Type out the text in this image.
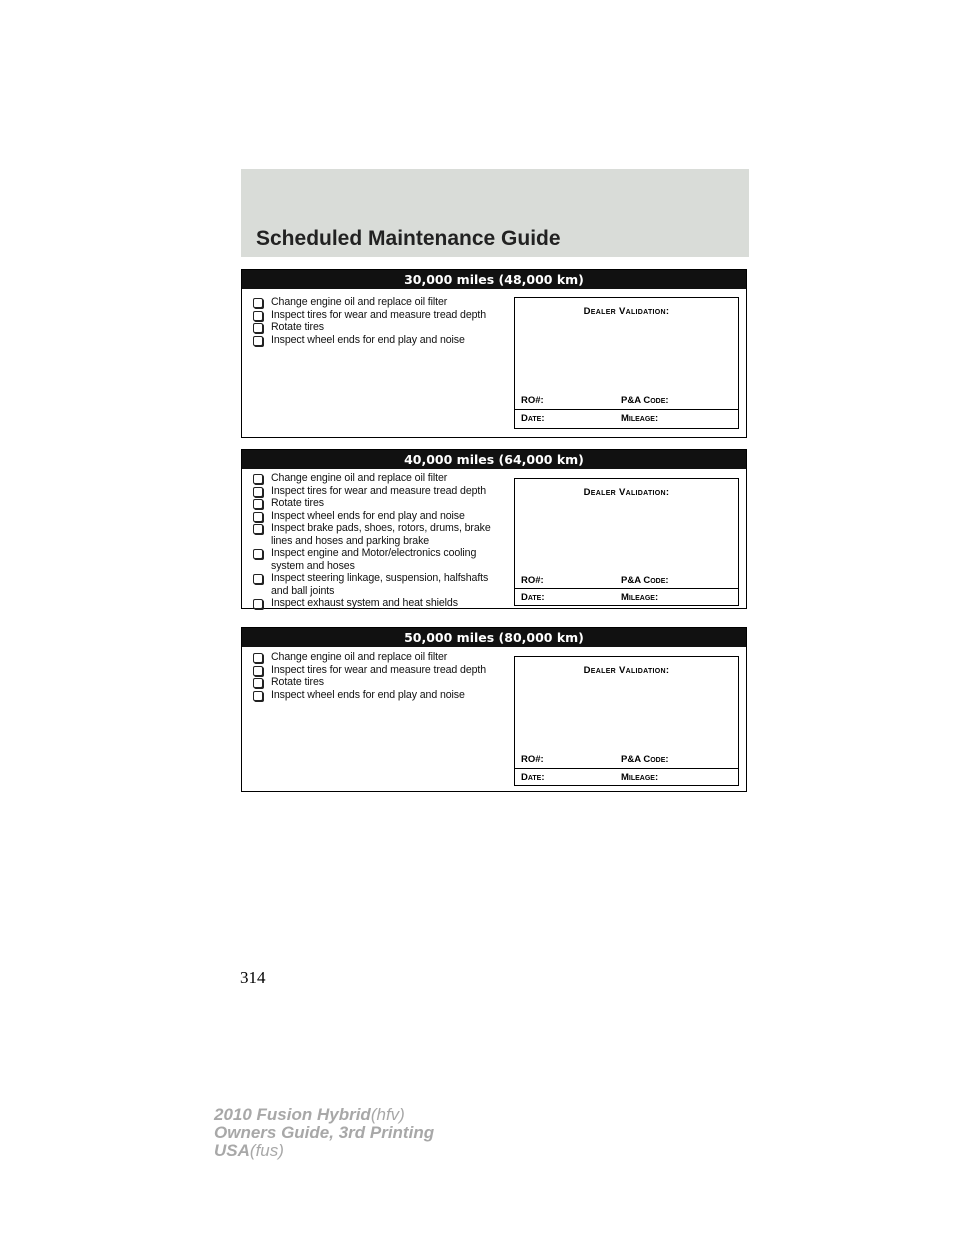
Scheduled Maintenance Guide
30,000 miles (48,000 km)
Change engine oil and replace oil filter
Inspect tires for wear and measure tread depth
Rotate tires
Inspect wheel ends for end play and noise
Dealer Validation:
RO#:	P&A Code:
Date:	Mileage:
40,000 miles (64,000 km)
Change engine oil and replace oil filter
Inspect tires for wear and measure tread depth
Rotate tires
Inspect wheel ends for end play and noise
Inspect brake pads, shoes, rotors, drums, brake lines and hoses and parking brake
Inspect engine and Motor/electronics cooling system and hoses
Inspect steering linkage, suspension, halfshafts and ball joints
Inspect exhaust system and heat shields
Dealer Validation:
RO#:	P&A Code:
Date:	Mileage:
50,000 miles (80,000 km)
Change engine oil and replace oil filter
Inspect tires for wear and measure tread depth
Rotate tires
Inspect wheel ends for end play and noise
Dealer Validation:
RO#:	P&A Code:
Date:	Mileage:
314
2010 Fusion Hybrid(hfv)
Owners Guide, 3rd Printing
USA(fus)
